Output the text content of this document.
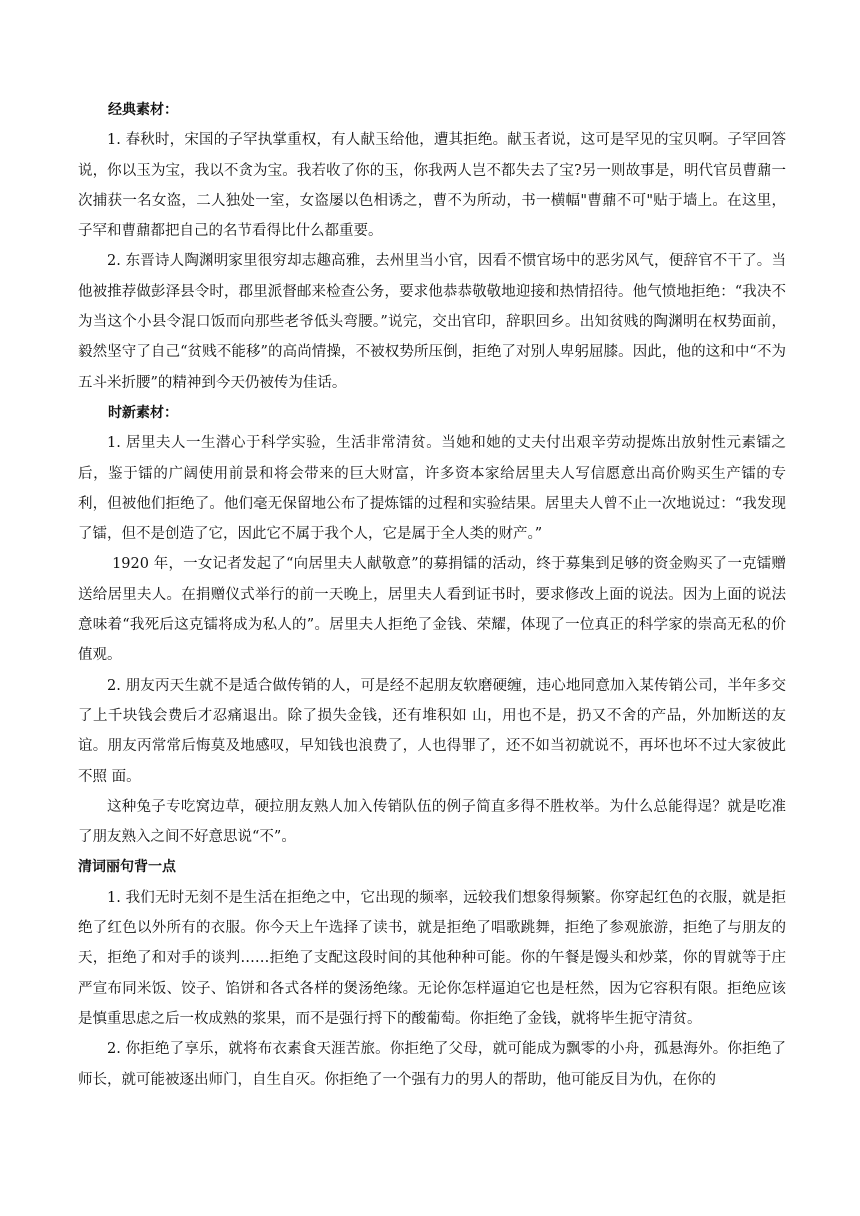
经典素材：

1. 春秋时，宋国的子罕执掌重权，有人献玉给他，遭其拒绝。献玉者说，这可是罕见的宝贝啊。子罕回答说，你以玉为宝，我以不贪为宝。我若收了你的玉，你我两人岂不都失去了宝?另一则故事是，明代官员曹鼐一次捕获一名女盗，二人独处一室，女盗屡以色相诱之，曹不为所动，书一横幅"曹鼐不可"贴于墙上。在这里，子罕和曹鼐都把自己的名节看得比什么都重要。

2. 东晋诗人陶渊明家里很穷却志趣高雅，去州里当小官，因看不惯官场中的恶劣风气，便辞官不干了。当他被推荐做彭泽县令时，郡里派督邮来检查公务，要求他恭恭敬敬地迎接和热情招待。他气愤地拒绝：“我决不为当这个小县令混口饭而向那些老爷低头弯腰。”说完，交出官印，辞职回乡。出知贫贱的陶渊明在权势面前，毅然坚守了自己“贫贱不能移”的高尚情操，不被权势所压倒，拒绝了对别人卑躬屈膝。因此，他的这和中“不为五斗米折腰”的精神到今天仍被传为佳话。

时新素材：

1. 居里夫人一生潜心于科学实验，生活非常清贫。当她和她的丈夫付出艰辛劳动提炼出放射性元素镭之后，鉴于镭的广阔使用前景和将会带来的巨大财富，许多资本家给居里夫人写信愿意出高价购买生产镭的专利，但被他们拒绝了。他们毫无保留地公布了提炼镭的过程和实验结果。居里夫人曾不止一次地说过：“我发现了镭，但不是创造了它，因此它不属于我个人，它是属于全人类的财产。”

1920 年，一女记者发起了“向居里夫人献敬意”的募捐镭的活动，终于募集到足够的资金购买了一克镭赠送给居里夫人。在捐赠仪式举行的前一天晚上，居里夫人看到证书时，要求修改上面的说法。因为上面的说法意味着“我死后这克镭将成为私人的”。居里夫人拒绝了金钱、荣耀，体现了一位真正的科学家的崇高无私的价值观。

2. 朋友丙天生就不是适合做传销的人，可是经不起朋友软磨硬缠，违心地同意加入某传销公司，半年多交了上千块钱会费后才忍痛退出。除了损失金钱，还有堆积如 山，用也不是，扔又不舍的产品，外加断送的友谊。朋友丙常常后悔莫及地感叹，早知钱也浪费了，人也得罪了，还不如当初就说不，再坏也坏不过大家彼此不照 面。

这种兔子专吃窝边草，硬拉朋友熟人加入传销队伍的例子简直多得不胜枚举。为什么总能得逞？就是吃准了朋友熟入之间不好意思说“不”。

清词丽句背一点

1. 我们无时无刻不是生活在拒绝之中，它出现的频率，远较我们想象得频繁。你穿起红色的衣服，就是拒绝了红色以外所有的衣服。你今天上午选择了读书，就是拒绝了唱歌跳舞，拒绝了参观旅游，拒绝了与朋友的天，拒绝了和对手的谈判……拒绝了支配这段时间的其他种种可能。你的午餐是馒头和炒菜，你的胃就等于庄严宣布同米饭、饺子、馅饼和各式各样的煲汤绝缘。无论你怎样逼迫它也是枉然，因为它容积有限。拒绝应该是慎重思虑之后一枚成熟的浆果，而不是强行捋下的酸葡萄。你拒绝了金钱，就将毕生扼守清贫。

2. 你拒绝了享乐，就将布衣素食天涯苦旅。你拒绝了父母，就可能成为飘零的小舟，孤悬海外。你拒绝了师长，就可能被逐出师门，自生自灭。你拒绝了一个强有力的男人的帮助，他可能反目为仇，在你的
